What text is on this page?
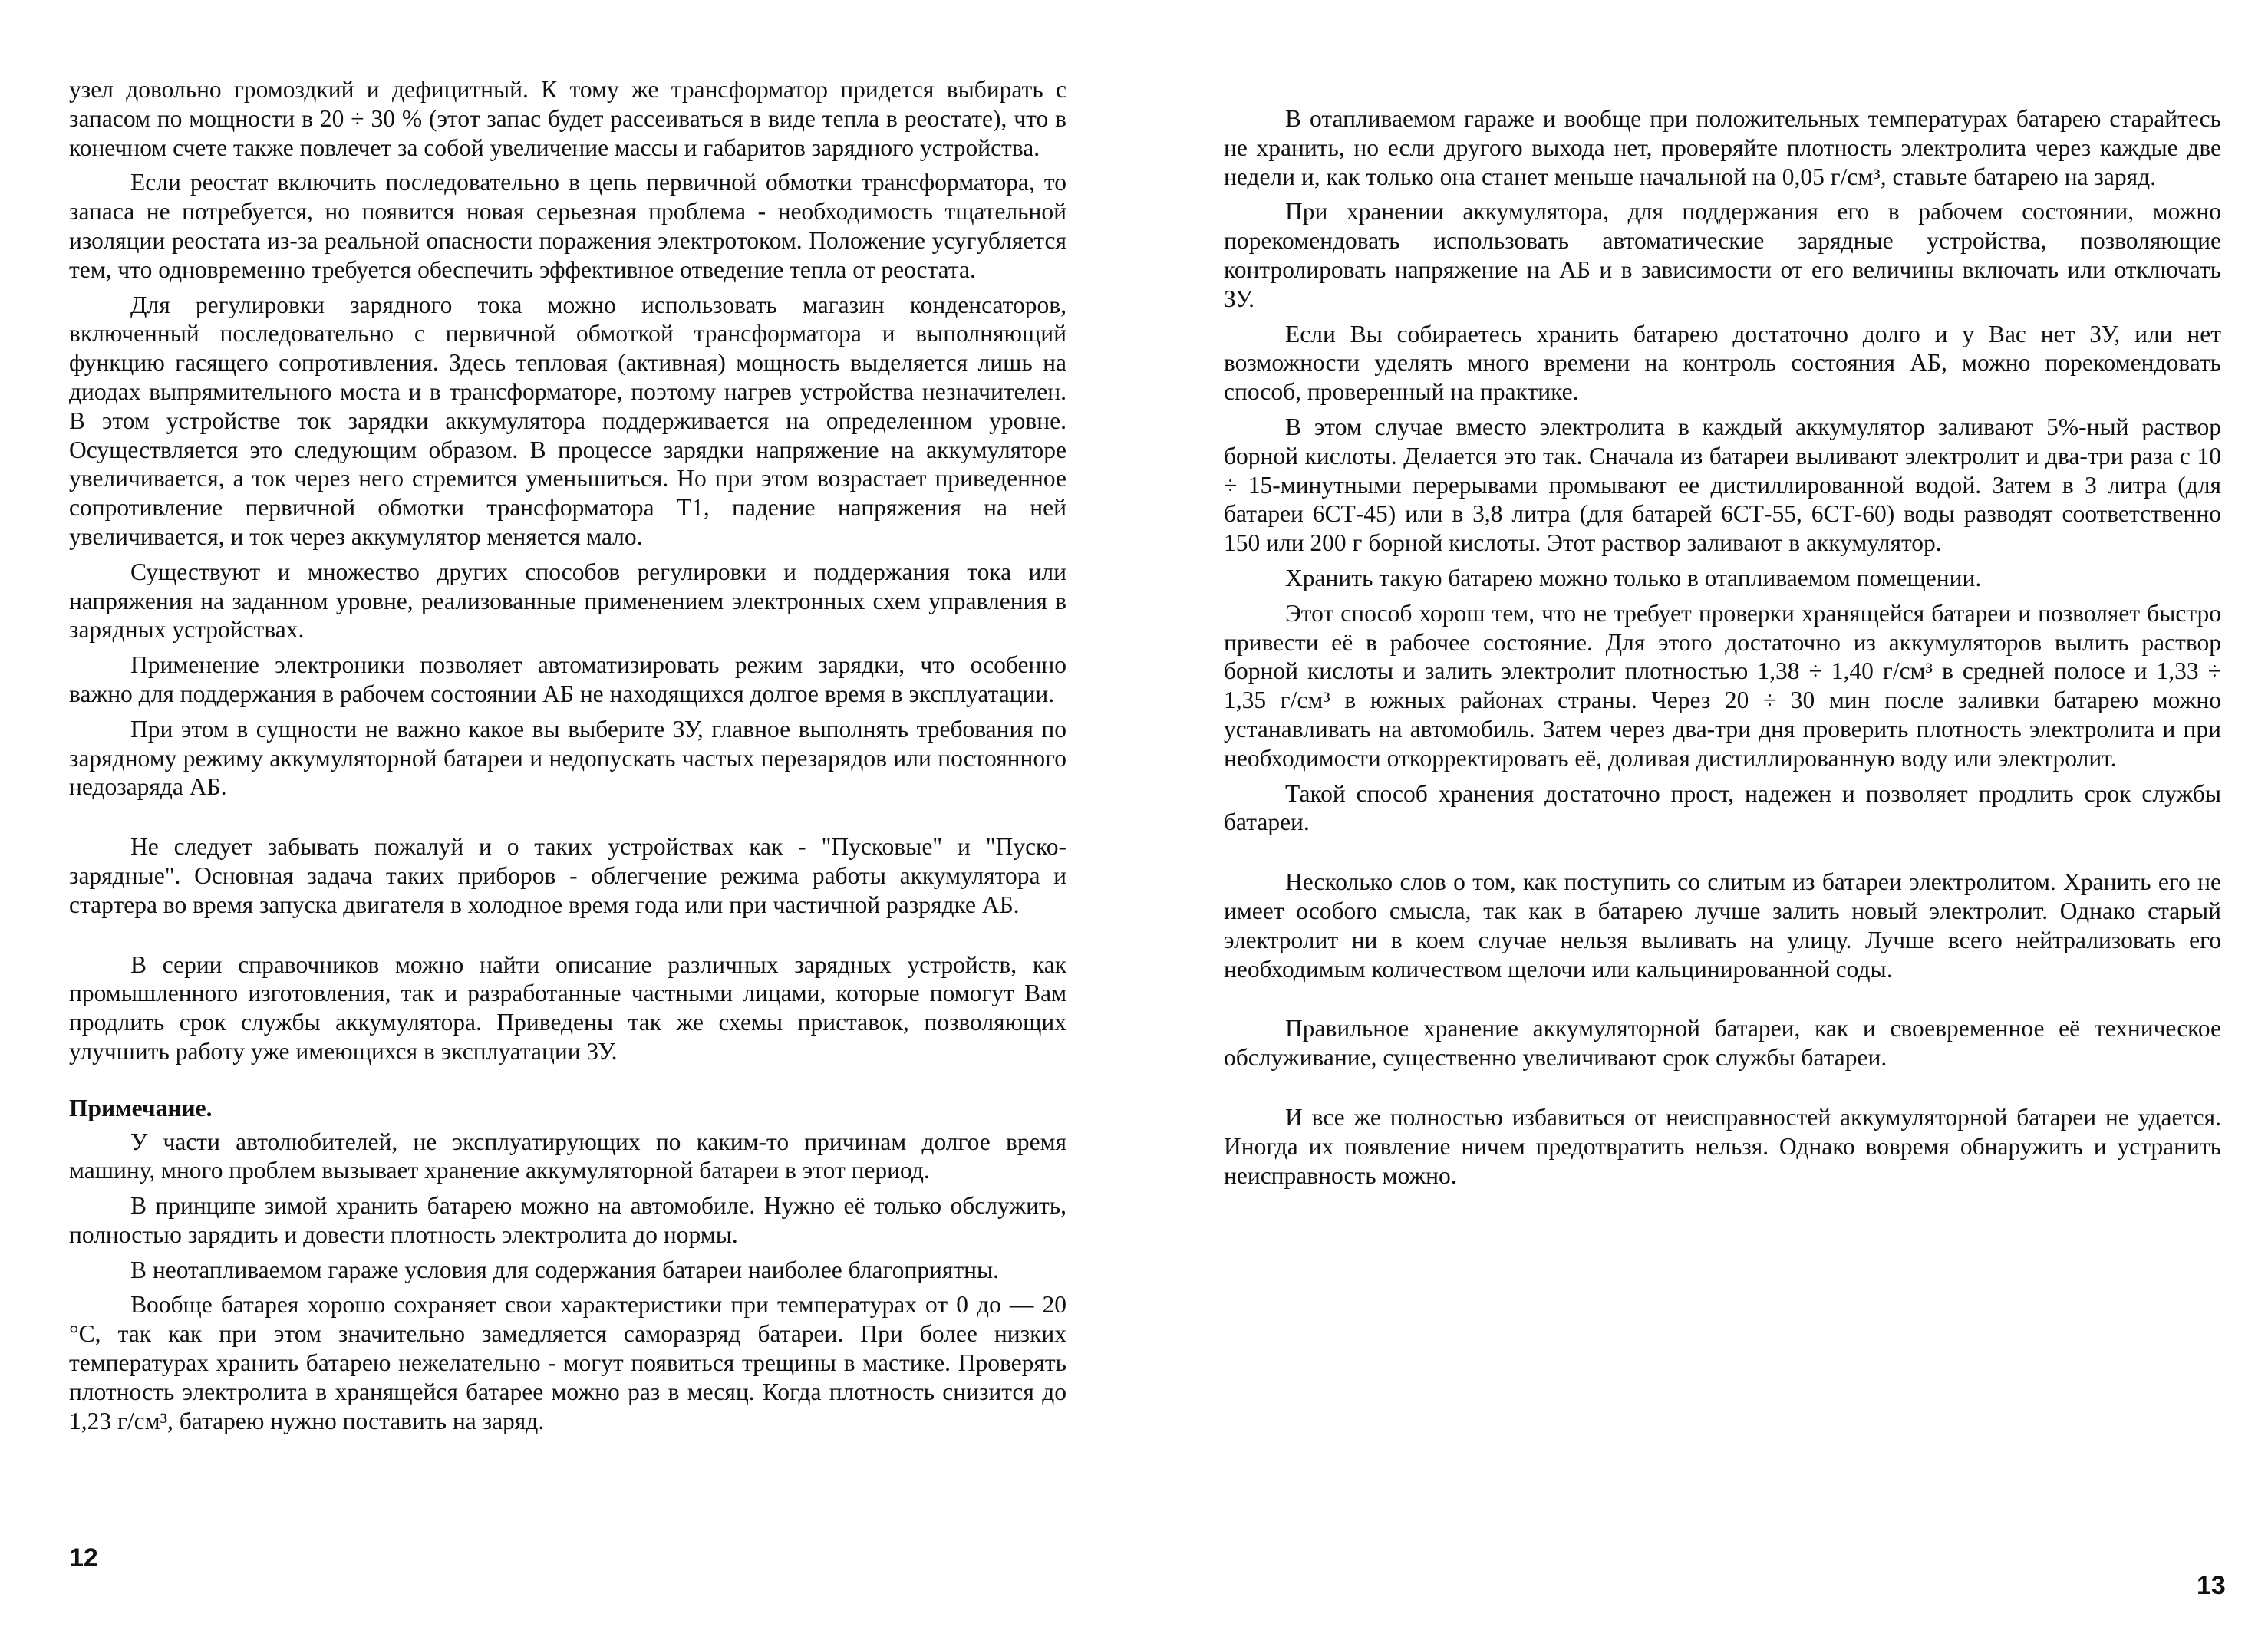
узел довольно громоздкий и дефицитный. К тому же трансформатор придется выбирать с запасом по мощности в 20 ÷ 30 % (этот запас будет рассеиваться в виде тепла в реостате), что в конечном счете также повлечет за собой увеличение массы и габаритов зарядного устройства.

Если реостат включить последовательно в цепь первичной обмотки трансформатора, то запаса не потребуется, но появится новая серьезная проблема - необходимость тщательной изоляции реостата из-за реальной опасности поражения электротоком. Положение усугубляется тем, что одновременно требуется обеспечить эффективное отведение тепла от реостата.

Для регулировки зарядного тока можно использовать магазин конденсаторов, включенный последовательно с первичной обмоткой трансформатора и выполняющий функцию гасящего сопротивления. Здесь тепловая (активная) мощность выделяется лишь на диодах выпрямительного моста и в трансформаторе, поэтому нагрев устройства незначителен. В этом устройстве ток зарядки аккумулятора поддерживается на определенном уровне. Осуществляется это следующим образом. В процессе зарядки напряжение на аккумуляторе увеличивается, а ток через него стремится уменьшиться. Но при этом возрастает приведенное сопротивление первичной обмотки трансформатора Т1, падение напряжения на ней увеличивается, и ток через аккумулятор меняется мало.

Существуют и множество других способов регулировки и поддержания тока или напряжения на заданном уровне, реализованные применением электронных схем управления в зарядных устройствах.

Применение электроники позволяет автоматизировать режим зарядки, что особенно важно для поддержания в рабочем состоянии АБ не находящихся долгое время в эксплуатации.

При этом в сущности не важно какое вы выберите ЗУ, главное выполнять требования по зарядному режиму аккумуляторной батареи и недопускать частых перезарядов или постоянного недозаряда АБ.

Не следует забывать пожалуй и о таких устройствах как - "Пусковые" и "Пуско-зарядные". Основная задача таких приборов - облегчение режима работы аккумулятора и стартера во время запуска двигателя в холодное время года или при частичной разрядке АБ.

В серии справочников можно найти описание различных зарядных устройств, как промышленного изготовления, так и разработанные частными лицами, которые помогут Вам продлить срок службы аккумулятора. Приведены так же схемы приставок, позволяющих улучшить работу уже имеющихся в эксплуатации ЗУ.

Примечание.

У части автолюбителей, не эксплуатирующих по каким-то причинам долгое время машину, много проблем вызывает хранение аккумуляторной батареи в этот период.

В принципе зимой хранить батарею можно на автомобиле. Нужно её только обслужить, полностью зарядить и довести плотность электролита до нормы.

В неотапливаемом гараже условия для содержания батареи наиболее благоприятны.

Вообще батарея хорошо сохраняет свои характеристики при температурах от 0 до — 20 °С, так как при этом значительно замедляется саморазряд батареи. При более низких температурах хранить батарею нежелательно - могут появиться трещины в мастике. Проверять плотность электролита в хранящейся батарее можно раз в месяц. Когда плотность снизится до 1,23 г/см³, батарею нужно поставить на заряд.

12

В отапливаемом гараже и вообще при положительных температурах батарею старайтесь не хранить, но если другого выхода нет, проверяйте плотность электролита через каждые две недели и, как только она станет меньше начальной на 0,05 г/см³, ставьте батарею на заряд.

При хранении аккумулятора, для поддержания его в рабочем состоянии, можно порекомендовать использовать автоматические зарядные устройства, позволяющие контролировать напряжение на АБ и в зависимости от его величины включать или отключать ЗУ.

Если Вы собираетесь хранить батарею достаточно долго и у Вас нет ЗУ, или нет возможности уделять много времени на контроль состояния АБ, можно порекомендовать способ, проверенный на практике.

В этом случае вместо электролита в каждый аккумулятор заливают 5%-ный раствор борной кислоты. Делается это так. Сначала из батареи выливают электролит и два-три раза с 10 ÷ 15-минутными перерывами промывают ее дистиллированной водой. Затем в 3 литра (для батареи 6СТ-45) или в 3,8 литра (для батарей 6СТ-55, 6СТ-60) воды разводят соответственно 150 или 200 г борной кислоты. Этот раствор заливают в аккумулятор.

Хранить такую батарею можно только в отапливаемом помещении.

Этот способ хорош тем, что не требует проверки хранящейся батареи и позволяет быстро привести её в рабочее состояние. Для этого достаточно из аккумуляторов вылить раствор борной кислоты и залить электролит плотностью 1,38 ÷ 1,40 г/см³ в средней полосе и 1,33 ÷ 1,35 г/см³ в южных районах страны. Через 20 ÷ 30 мин после заливки батарею можно устанавливать на автомобиль. Затем через два-три дня проверить плотность электролита и при необходимости откорректировать её, доливая дистиллированную воду или электролит.

Такой способ хранения достаточно прост, надежен и позволяет продлить срок службы батареи.

Несколько слов о том, как поступить со слитым из батареи электролитом. Хранить его не имеет особого смысла, так как в батарею лучше залить новый электролит. Однако старый электролит ни в коем случае нельзя выливать на улицу. Лучше всего нейтрализовать его необходимым количеством щелочи или кальцинированной соды.

Правильное хранение аккумуляторной батареи, как и своевременное её техническое обслуживание, существенно увеличивают срок службы батареи.

И все же полностью избавиться от неисправностей аккумуляторной батареи не удается. Иногда их появление ничем предотвратить нельзя. Однако вовремя обнаружить и устранить неисправность можно.

13
